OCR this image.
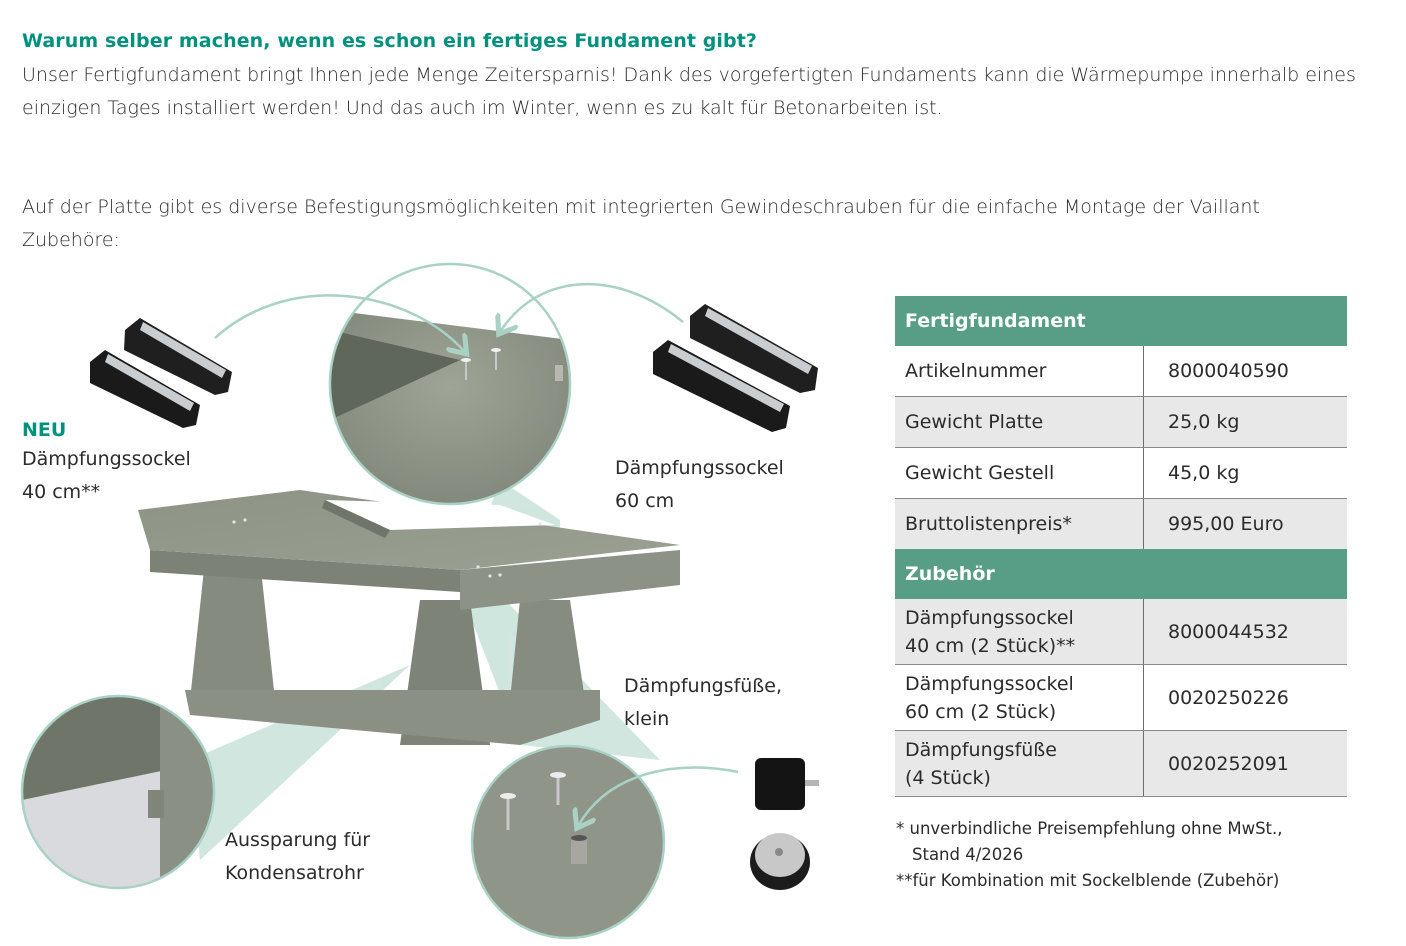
Warum selber machen, wenn es schon ein fertiges Fundament gibt?
Unser Fertigfundament bringt Ihnen jede Menge Zeitersparnis! Dank des vorgefertigten Fundaments kann die Wärmepumpe innerhalb eines einzigen Tages installiert werden! Und das auch im Winter, wenn es zu kalt für Betonarbeiten ist.
Auf der Platte gibt es diverse Befestigungsmöglichkeiten mit integrierten Gewindeschrauben für die einfache Montage der Vaillant Zubehöre:
NEU
Dämpfungssockel
40 cm**
Dämpfungssockel
60 cm
Dämpfungsfüße,
klein
Aussparung für
Kondensatrohr
Fertigfundament	
Artikelnummer	8000040590
Gewicht Platte	25,0 kg
Gewicht Gestell	45,0 kg
Bruttolistenpreis*	995,00 Euro
Zubehör	

Dämpfungssockel
40 cm (2 Stück)**	8000044532

Dämpfungssockel
60 cm (2 Stück)	0020250226

Dämpfungsfüße
(4 Stück)	0020252091
* unverbindliche Preisempfehlung ohne MwSt.,
Stand 4/2026
**für Kombination mit Sockelblende (Zubehör)
